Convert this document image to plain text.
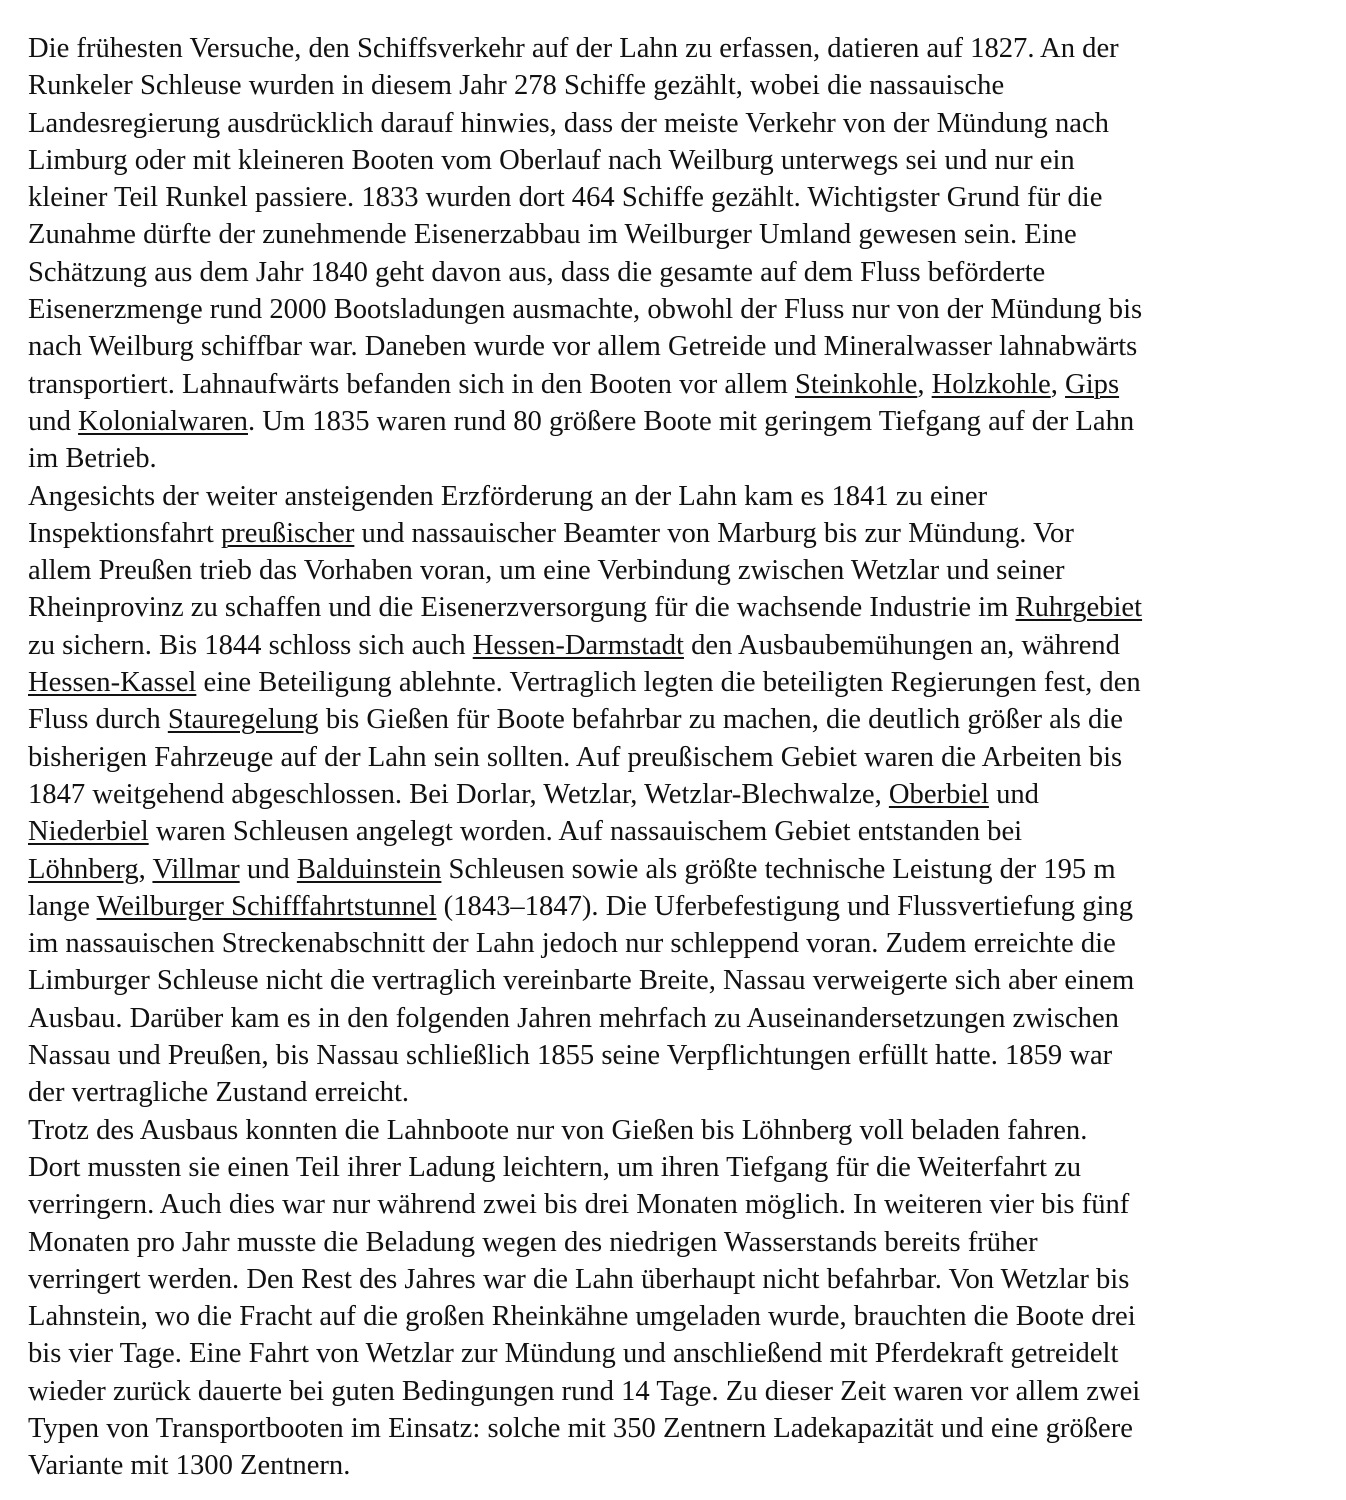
Die frühesten Versuche, den Schiffsverkehr auf der Lahn zu erfassen, datieren auf 1827. An der
Runkeler Schleuse wurden in diesem Jahr 278 Schiffe gezählt, wobei die nassauische
Landesregierung ausdrücklich darauf hinwies, dass der meiste Verkehr von der Mündung nach
Limburg oder mit kleineren Booten vom Oberlauf nach Weilburg unterwegs sei und nur ein
kleiner Teil Runkel passiere. 1833 wurden dort 464 Schiffe gezählt. Wichtigster Grund für die
Zunahme dürfte der zunehmende Eisenerzabbau im Weilburger Umland gewesen sein. Eine
Schätzung aus dem Jahr 1840 geht davon aus, dass die gesamte auf dem Fluss beförderte
Eisenerzmenge rund 2000 Bootsladungen ausmachte, obwohl der Fluss nur von der Mündung bis
nach Weilburg schiffbar war. Daneben wurde vor allem Getreide und Mineralwasser lahnabwärts
transportiert. Lahnaufwärts befanden sich in den Booten vor allem Steinkohle, Holzkohle, Gips
und Kolonialwaren. Um 1835 waren rund 80 größere Boote mit geringem Tiefgang auf der Lahn
im Betrieb.
Angesichts der weiter ansteigenden Erzförderung an der Lahn kam es 1841 zu einer
Inspektionsfahrt preußischer und nassauischer Beamter von Marburg bis zur Mündung. Vor
allem Preußen trieb das Vorhaben voran, um eine Verbindung zwischen Wetzlar und seiner
Rheinprovinz zu schaffen und die Eisenerzversorgung für die wachsende Industrie im Ruhrgebiet
zu sichern. Bis 1844 schloss sich auch Hessen-Darmstadt den Ausbaubemühungen an, während
Hessen-Kassel eine Beteiligung ablehnte. Vertraglich legten die beteiligten Regierungen fest, den
Fluss durch Stauregelung bis Gießen für Boote befahrbar zu machen, die deutlich größer als die
bisherigen Fahrzeuge auf der Lahn sein sollten. Auf preußischem Gebiet waren die Arbeiten bis
1847 weitgehend abgeschlossen. Bei Dorlar, Wetzlar, Wetzlar-Blechwalze, Oberbiel und
Niederbiel waren Schleusen angelegt worden. Auf nassauischem Gebiet entstanden bei
Löhnberg, Villmar und Balduinstein Schleusen sowie als größte technische Leistung der 195 m
lange Weilburger Schifffahrtstunnel (1843–1847). Die Uferbefestigung und Flussvertiefung ging
im nassauischen Streckenabschnitt der Lahn jedoch nur schleppend voran. Zudem erreichte die
Limburger Schleuse nicht die vertraglich vereinbarte Breite, Nassau verweigerte sich aber einem
Ausbau. Darüber kam es in den folgenden Jahren mehrfach zu Auseinandersetzungen zwischen
Nassau und Preußen, bis Nassau schließlich 1855 seine Verpflichtungen erfüllt hatte. 1859 war
der vertragliche Zustand erreicht.
Trotz des Ausbaus konnten die Lahnboote nur von Gießen bis Löhnberg voll beladen fahren.
Dort mussten sie einen Teil ihrer Ladung leichtern, um ihren Tiefgang für die Weiterfahrt zu
verringern. Auch dies war nur während zwei bis drei Monaten möglich. In weiteren vier bis fünf
Monaten pro Jahr musste die Beladung wegen des niedrigen Wasserstands bereits früher
verringert werden. Den Rest des Jahres war die Lahn überhaupt nicht befahrbar. Von Wetzlar bis
Lahnstein, wo die Fracht auf die großen Rheinkähne umgeladen wurde, brauchten die Boote drei
bis vier Tage. Eine Fahrt von Wetzlar zur Mündung und anschließend mit Pferdekraft getreidelt
wieder zurück dauerte bei guten Bedingungen rund 14 Tage. Zu dieser Zeit waren vor allem zwei
Typen von Transportbooten im Einsatz: solche mit 350 Zentnern Ladekapazität und eine größere
Variante mit 1300 Zentnern.
